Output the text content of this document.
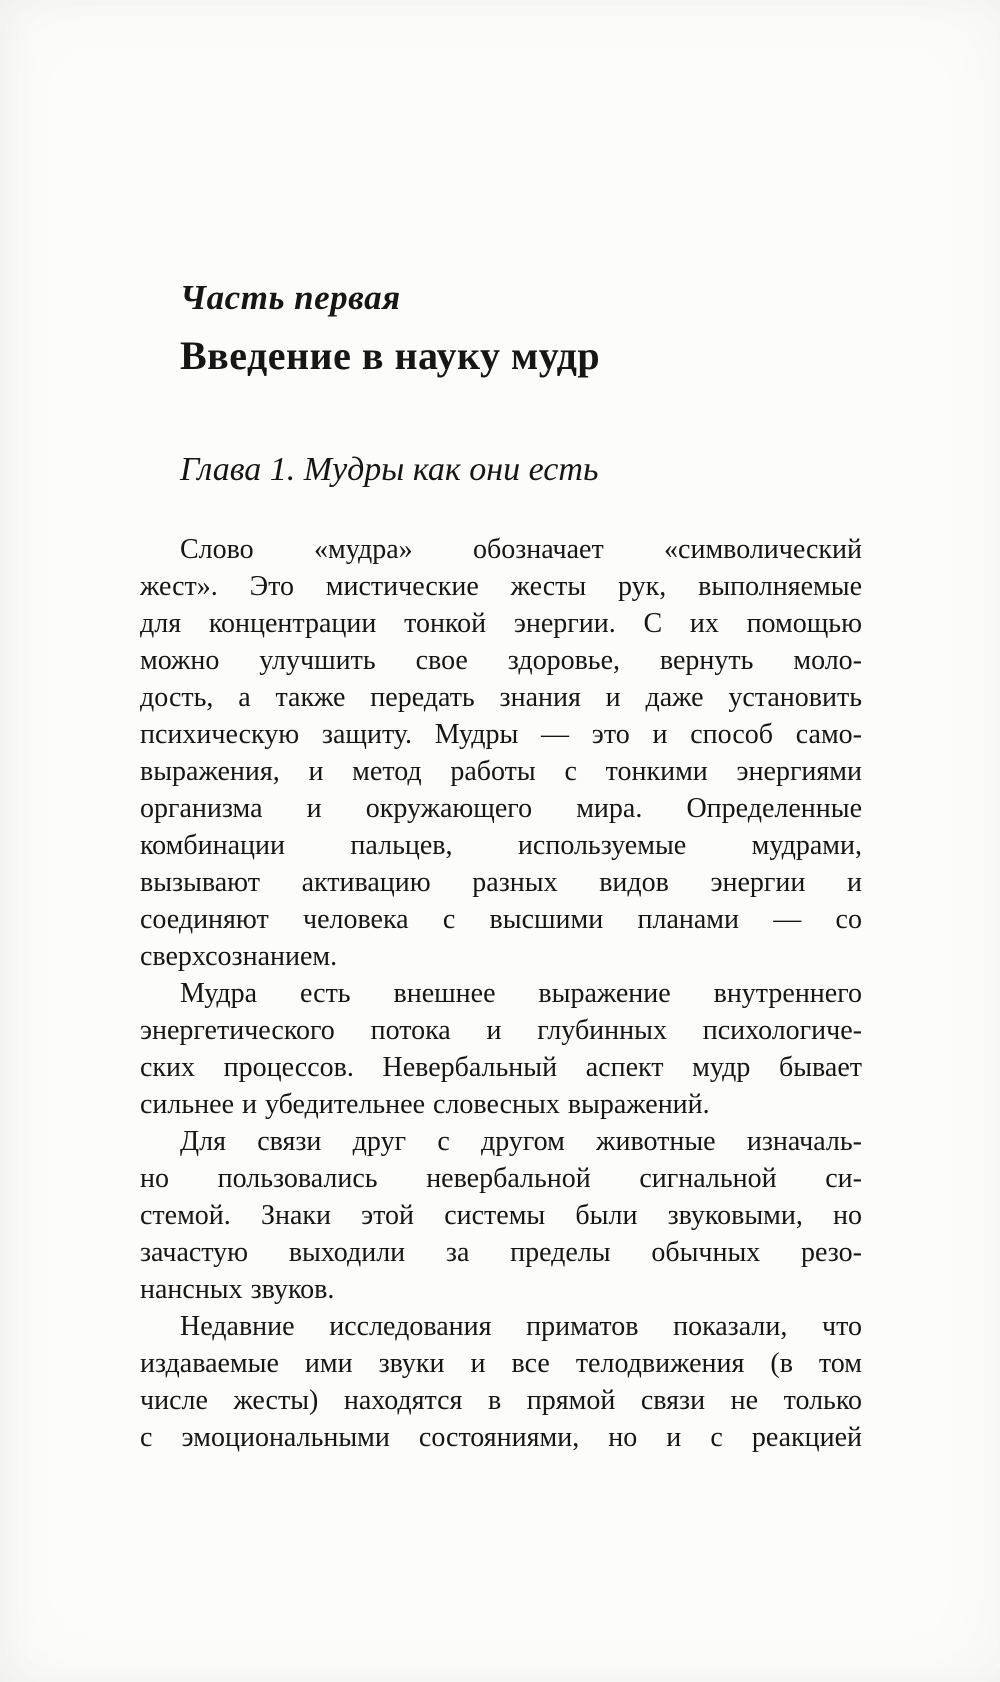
Часть первая
Введение в науку мудр
Глава 1. Мудры как они есть
Слово «мудра» обозначает «символический
жест». Это мистические жесты рук, выполняемые
для концентрации тонкой энергии. С их помощью
можно улучшить свое здоровье, вернуть моло-
дость, а также передать знания и даже установить
психическую защиту. Мудры — это и способ само-
выражения, и метод работы с тонкими энергиями
организма и окружающего мира. Определенные
комбинации пальцев, используемые мудрами,
вызывают активацию разных видов энергии и
соединяют человека с высшими планами — со
сверхсознанием.
Мудра есть внешнее выражение внутреннего
энергетического потока и глубинных психологиче-
ских процессов. Невербальный аспект мудр бывает
сильнее и убедительнее словесных выражений.
Для связи друг с другом животные изначаль-
но пользовались невербальной сигнальной си-
стемой. Знаки этой системы были звуковыми, но
зачастую выходили за пределы обычных резо-
нансных звуков.
Недавние исследования приматов показали, что
издаваемые ими звуки и все телодвижения (в том
числе жесты) находятся в прямой связи не только
с эмоциональными состояниями, но и с реакцией
